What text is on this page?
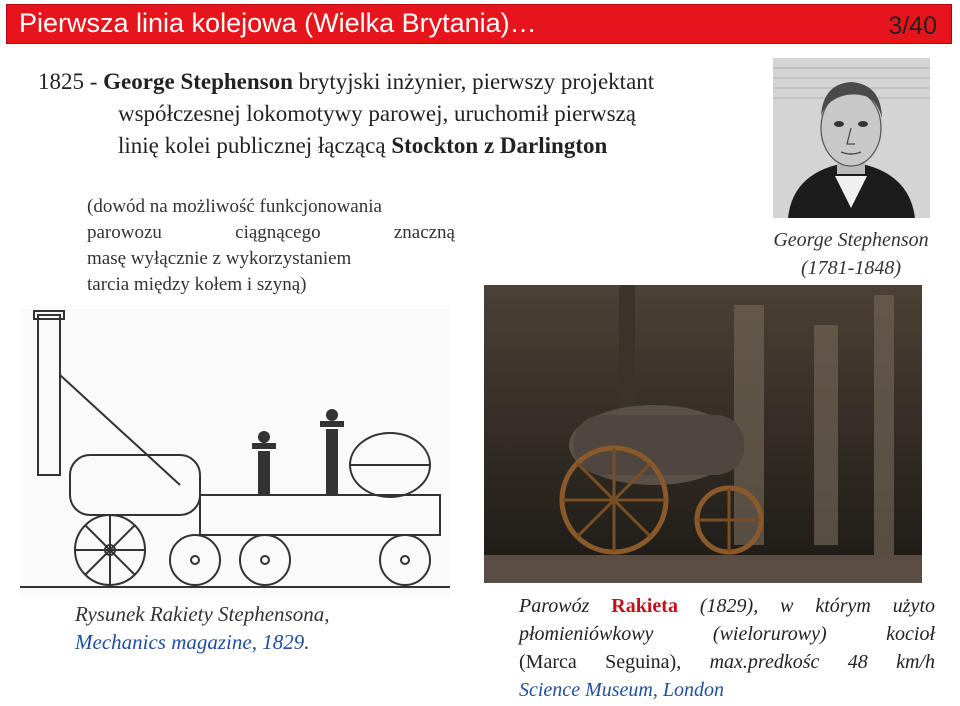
Pierwsza linia kolejowa (Wielka Brytania)…	3/40
1825 - George Stephenson brytyjski inżynier, pierwszy projektant
współczesnej lokomotywy parowej, uruchomił pierwszą
linię kolei publicznej łączącą Stockton z Darlington
(dowód na możliwość funkcjonowania
parowozu ciągnącego znaczną
masę wyłącznie z wykorzystaniem
tarcia między kołem i szyną)
George Stephenson
(1781-1848)
Rysunek Rakiety Stephensona,
Mechanics magazine, 1829.
Parowóz Rakieta (1829), w którym użyto
płomieniówkowy (wielorurowy) kocioł
(Marca Seguina), max.predkośc 48 km/h
Science Museum, London
